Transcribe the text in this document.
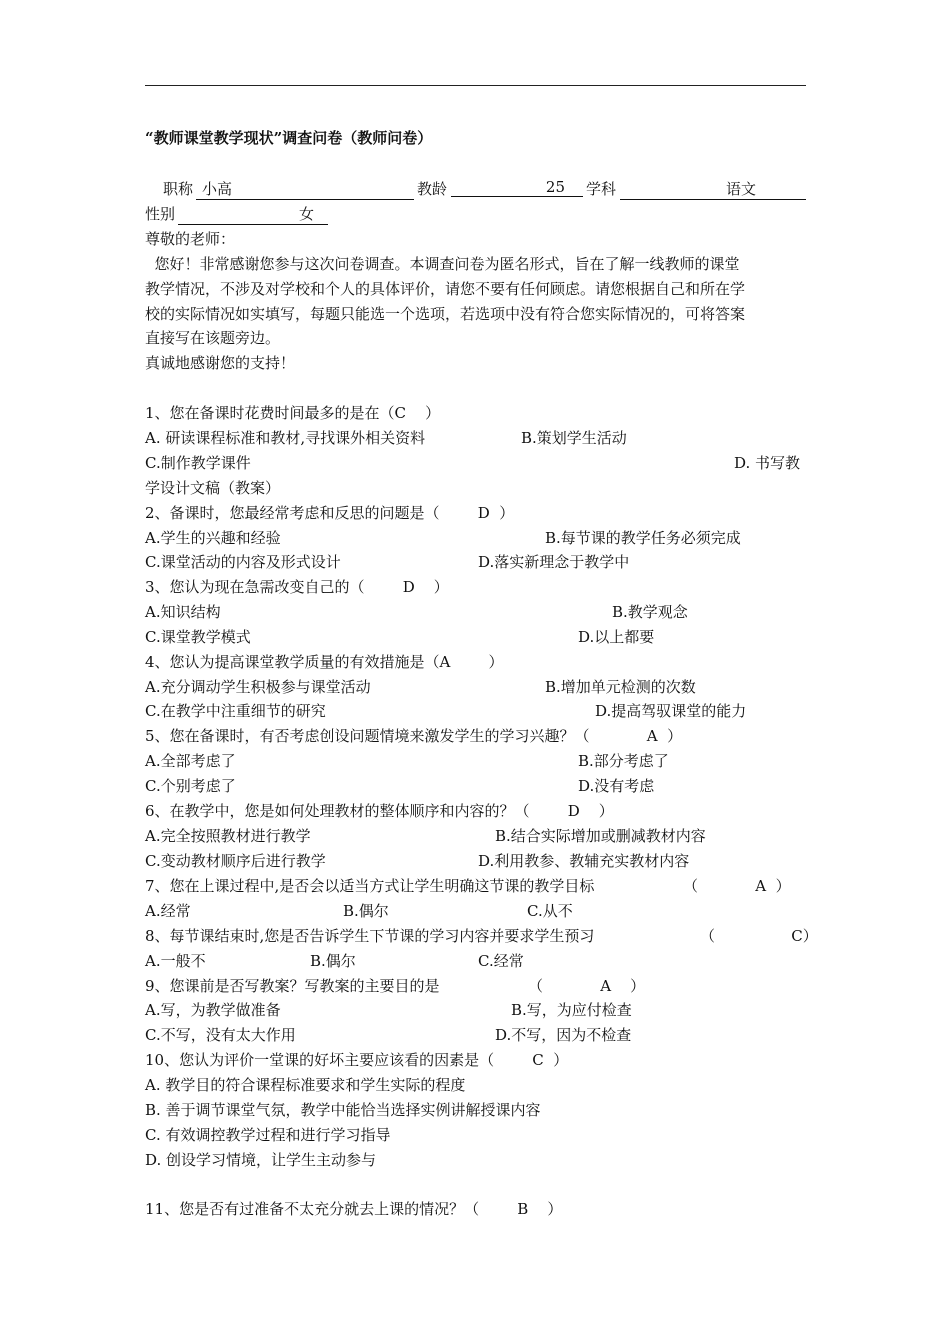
“教师课堂教学现状”调查问卷（教师问卷）
职称 小高	教龄	25	学科	语文
性别	女
尊敬的老师：
您好！非常感谢您参与这次问卷调查。本调查问卷为匿名形式，旨在了解一线教师的课堂
教学情况，不涉及对学校和个人的具体评价，请您不要有任何顾虑。请您根据自己和所在学
校的实际情况如实填写，每题只能选一个选项，若选项中没有符合您实际情况的，可将答案
直接写在该题旁边。
真诚地感谢您的支持！
1、您在备课时花费时间最多的是在（C    ）
A. 研读课程标准和教材,寻找课外相关资料	B.策划学生活动
C.制作教学课件	D. 书写教
学设计文稿（教案）
2、备课时，您最经常考虑和反思的问题是（        D  ）
A.学生的兴趣和经验	B.每节课的教学任务必须完成
C.课堂活动的内容及形式设计	D.落实新理念于教学中
3、您认为现在急需改变自己的（        D    ）
A.知识结构	B.教学观念
C.课堂教学模式	D.以上都要
4、您认为提高课堂教学质量的有效措施是（A        ）
A.充分调动学生积极参与课堂活动	B.增加单元检测的次数
C.在教学中注重细节的研究	D.提高驾驭课堂的能力
5、您在备课时，有否考虑创设问题情境来激发学生的学习兴趣？（            A  ）
A.全部考虑了	B.部分考虑了
C.个别考虑了	D.没有考虑
6、在教学中，您是如何处理教材的整体顺序和内容的？（        D    ）
A.完全按照教材进行教学	B.结合实际增加或删减教材内容
C.变动教材顺序后进行教学	D.利用教参、教辅充实教材内容
7、您在上课过程中,是否会以适当方式让学生明确这节课的教学目标	（            A  ）
A.经常	B.偶尔	C.从不
8、每节课结束时,您是否告诉学生下节课的学习内容并要求学生预习	（                C）
A.一般不	B.偶尔	C.经常
9、您课前是否写教案？写教案的主要目的是	（            A    ）
A.写，为教学做准备	B.写，为应付检查
C.不写，没有太大作用	D.不写，因为不检查
10、您认为评价一堂课的好坏主要应该看的因素是（        C  ）
A. 教学目的符合课程标准要求和学生实际的程度
B. 善于调节课堂气氛，教学中能恰当选择实例讲解授课内容
C. 有效调控教学过程和进行学习指导
D. 创设学习情境，让学生主动参与
11、您是否有过准备不太充分就去上课的情况？（        B    ）
